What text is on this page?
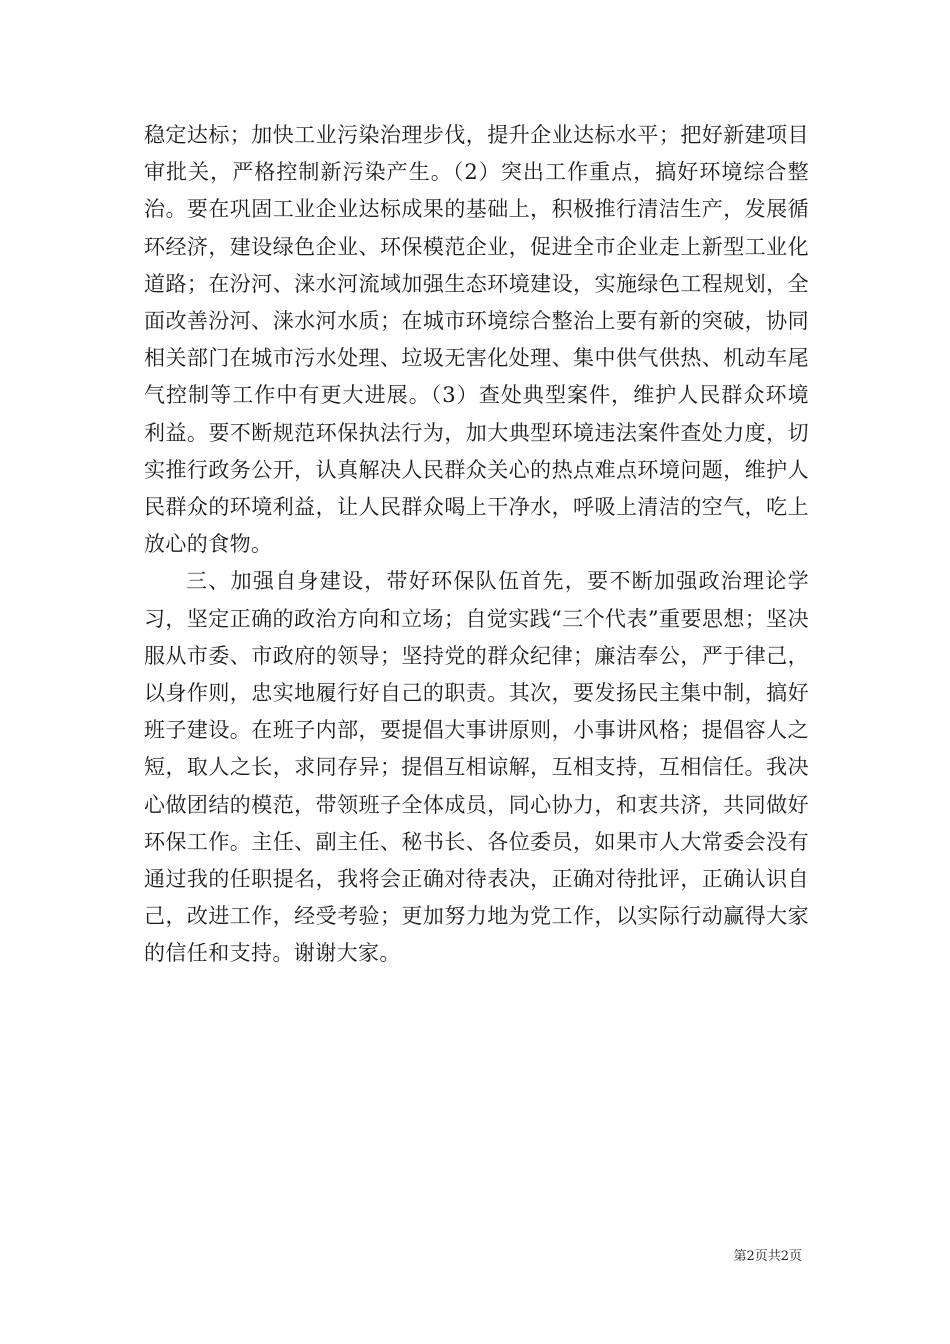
稳定达标；加快工业污染治理步伐，提升企业达标水平；把好新建项目审批关，严格控制新污染产生。（2）突出工作重点，搞好环境综合整治。要在巩固工业企业达标成果的基础上，积极推行清洁生产，发展循环经济，建设绿色企业、环保模范企业，促进全市企业走上新型工业化道路；在汾河、涞水河流域加强生态环境建设，实施绿色工程规划，全面改善汾河、涞水河水质；在城市环境综合整治上要有新的突破，协同相关部门在城市污水处理、垃圾无害化处理、集中供气供热、机动车尾气控制等工作中有更大进展。（3）查处典型案件，维护人民群众环境利益。要不断规范环保执法行为，加大典型环境违法案件查处力度，切实推行政务公开，认真解决人民群众关心的热点难点环境问题，维护人民群众的环境利益，让人民群众喝上干净水，呼吸上清洁的空气，吃上放心的食物。

三、加强自身建设，带好环保队伍首先，要不断加强政治理论学习，坚定正确的政治方向和立场；自觉实践“三个代表”重要思想；坚决服从市委、市政府的领导；坚持党的群众纪律；廉洁奉公，严于律己，以身作则，忠实地履行好自己的职责。其次，要发扬民主集中制，搞好班子建设。在班子内部，要提倡大事讲原则，小事讲风格；提倡容人之短，取人之长，求同存异；提倡互相谅解，互相支持，互相信任。我决心做团结的模范，带领班子全体成员，同心协力，和衷共济，共同做好环保工作。主任、副主任、秘书长、各位委员，如果市人大常委会没有通过我的任职提名，我将会正确对待表决，正确对待批评，正确认识自己，改进工作，经受考验；更加努力地为党工作，以实际行动赢得大家的信任和支持。谢谢大家。

第2页共2页
